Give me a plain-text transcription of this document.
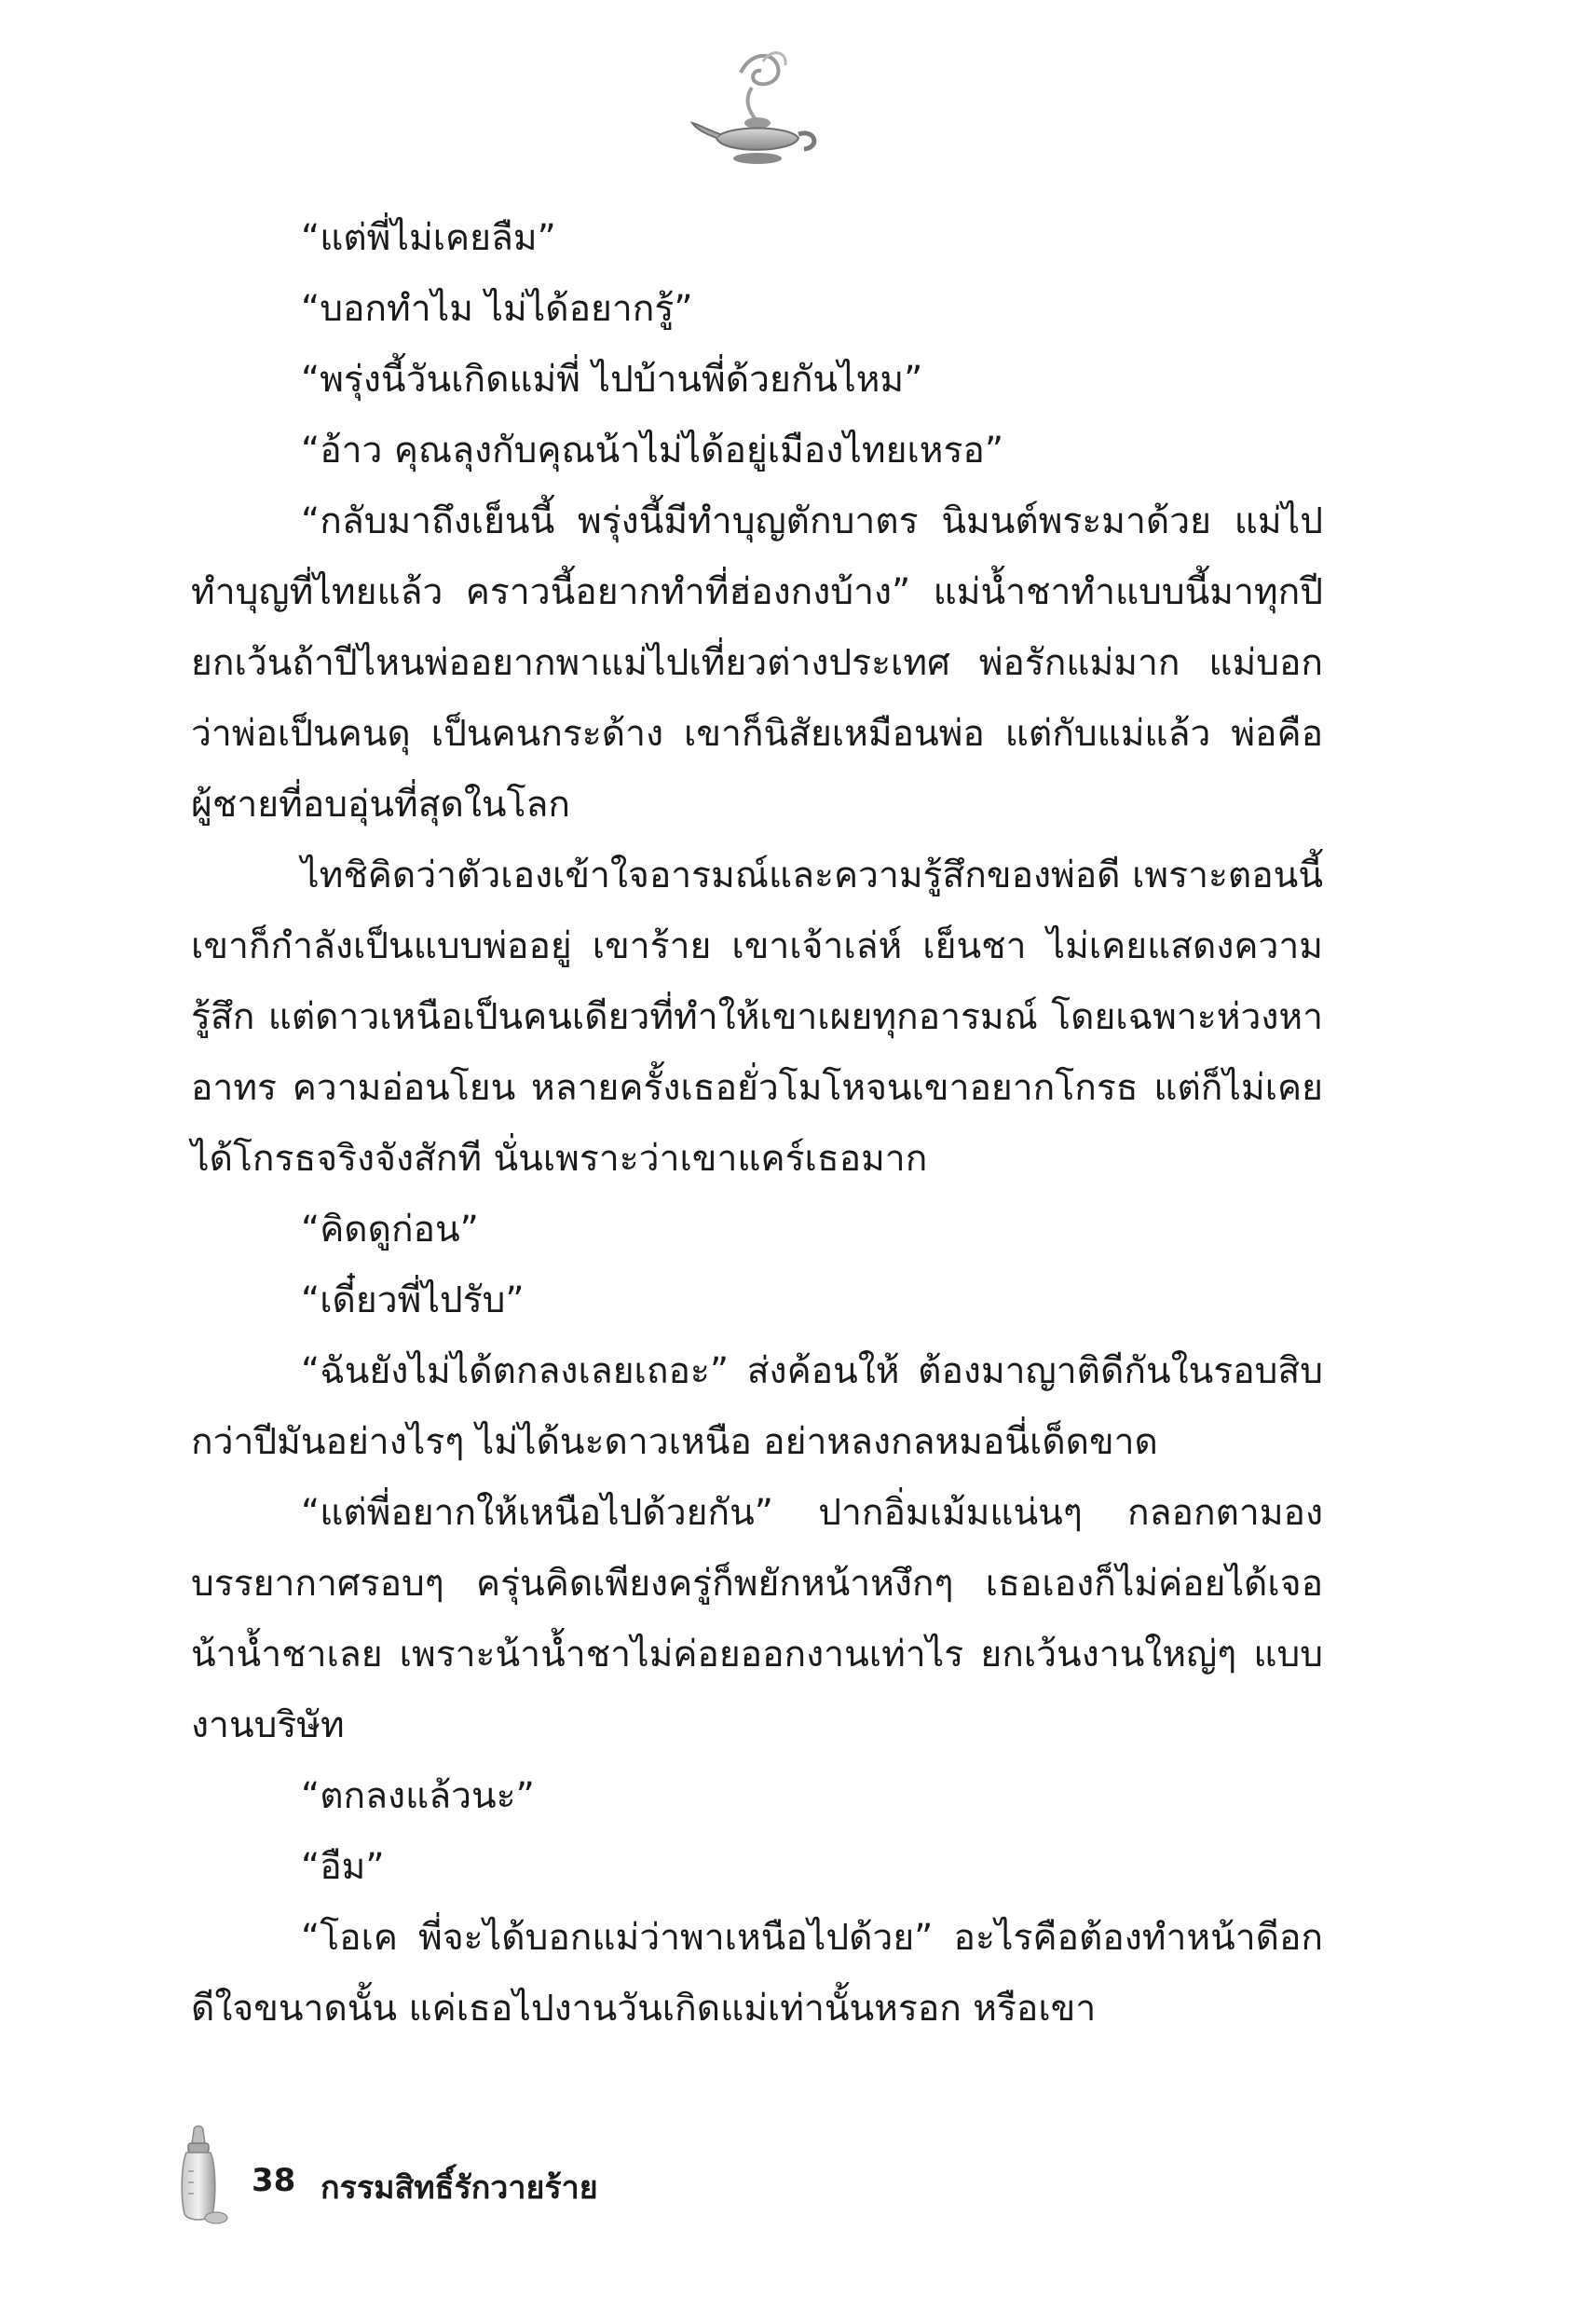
“แต่พี่ไม่เคยลืม”

“บอกทำไม ไม่ได้อยากรู้”

“พรุ่งนี้วันเกิดแม่พี่ ไปบ้านพี่ด้วยกันไหม”

“อ้าว คุณลุงกับคุณน้าไม่ได้อยู่เมืองไทยเหรอ”

“กลับมาถึงเย็นนี้ พรุ่งนี้มีทำบุญตักบาตร นิมนต์พระมาด้วย แม่ไปทำบุญที่ไทยแล้ว คราวนี้อยากทำที่ฮ่องกงบ้าง” แม่น้ำชาทำแบบนี้มาทุกปี ยกเว้นถ้าปีไหนพ่ออยากพาแม่ไปเที่ยวต่างประเทศ พ่อรักแม่มาก แม่บอกว่าพ่อเป็นคนดุ เป็นคนกระด้าง เขาก็นิสัยเหมือนพ่อ แต่กับแม่แล้ว พ่อคือผู้ชายที่อบอุ่นที่สุดในโลก

ไทชิคิดว่าตัวเองเข้าใจอารมณ์และความรู้สึกของพ่อดี เพราะตอนนี้เขาก็กำลังเป็นแบบพ่ออยู่ เขาร้าย เขาเจ้าเล่ห์ เย็นชา ไม่เคยแสดงความรู้สึก แต่ดาวเหนือเป็นคนเดียวที่ทำให้เขาเผยทุกอารมณ์ โดยเฉพาะห่วงหาอาทร ความอ่อนโยน หลายครั้งเธอยั่วโมโหจนเขาอยากโกรธ แต่ก็ไม่เคยได้โกรธจริงจังสักที นั่นเพราะว่าเขาแคร์เธอมาก

“คิดดูก่อน”

“เดี๋ยวพี่ไปรับ”

“ฉันยังไม่ได้ตกลงเลยเถอะ” ส่งค้อนให้ ต้องมาญาติดีกันในรอบสิบกว่าปีมันอย่างไรๆ ไม่ได้นะดาวเหนือ อย่าหลงกลหมอนี่เด็ดขาด

“แต่พี่อยากให้เหนือไปด้วยกัน” ปากอิ่มเม้มแน่นๆ กลอกตามองบรรยากาศรอบๆ ครุ่นคิดเพียงครู่ก็พยักหน้าหงึกๆ เธอเองก็ไม่ค่อยได้เจอน้าน้ำชาเลย เพราะน้าน้ำชาไม่ค่อยออกงานเท่าไร ยกเว้นงานใหญ่ๆ แบบงานบริษัท

“ตกลงแล้วนะ”

“อืม”

“โอเค พี่จะได้บอกแม่ว่าพาเหนือไปด้วย” อะไรคือต้องทำหน้าดีอกดีใจขนาดนั้น แค่เธอไปงานวันเกิดแม่เท่านั้นหรอก หรือเขา

38 กรรมสิทธิ์รักวายร้าย
